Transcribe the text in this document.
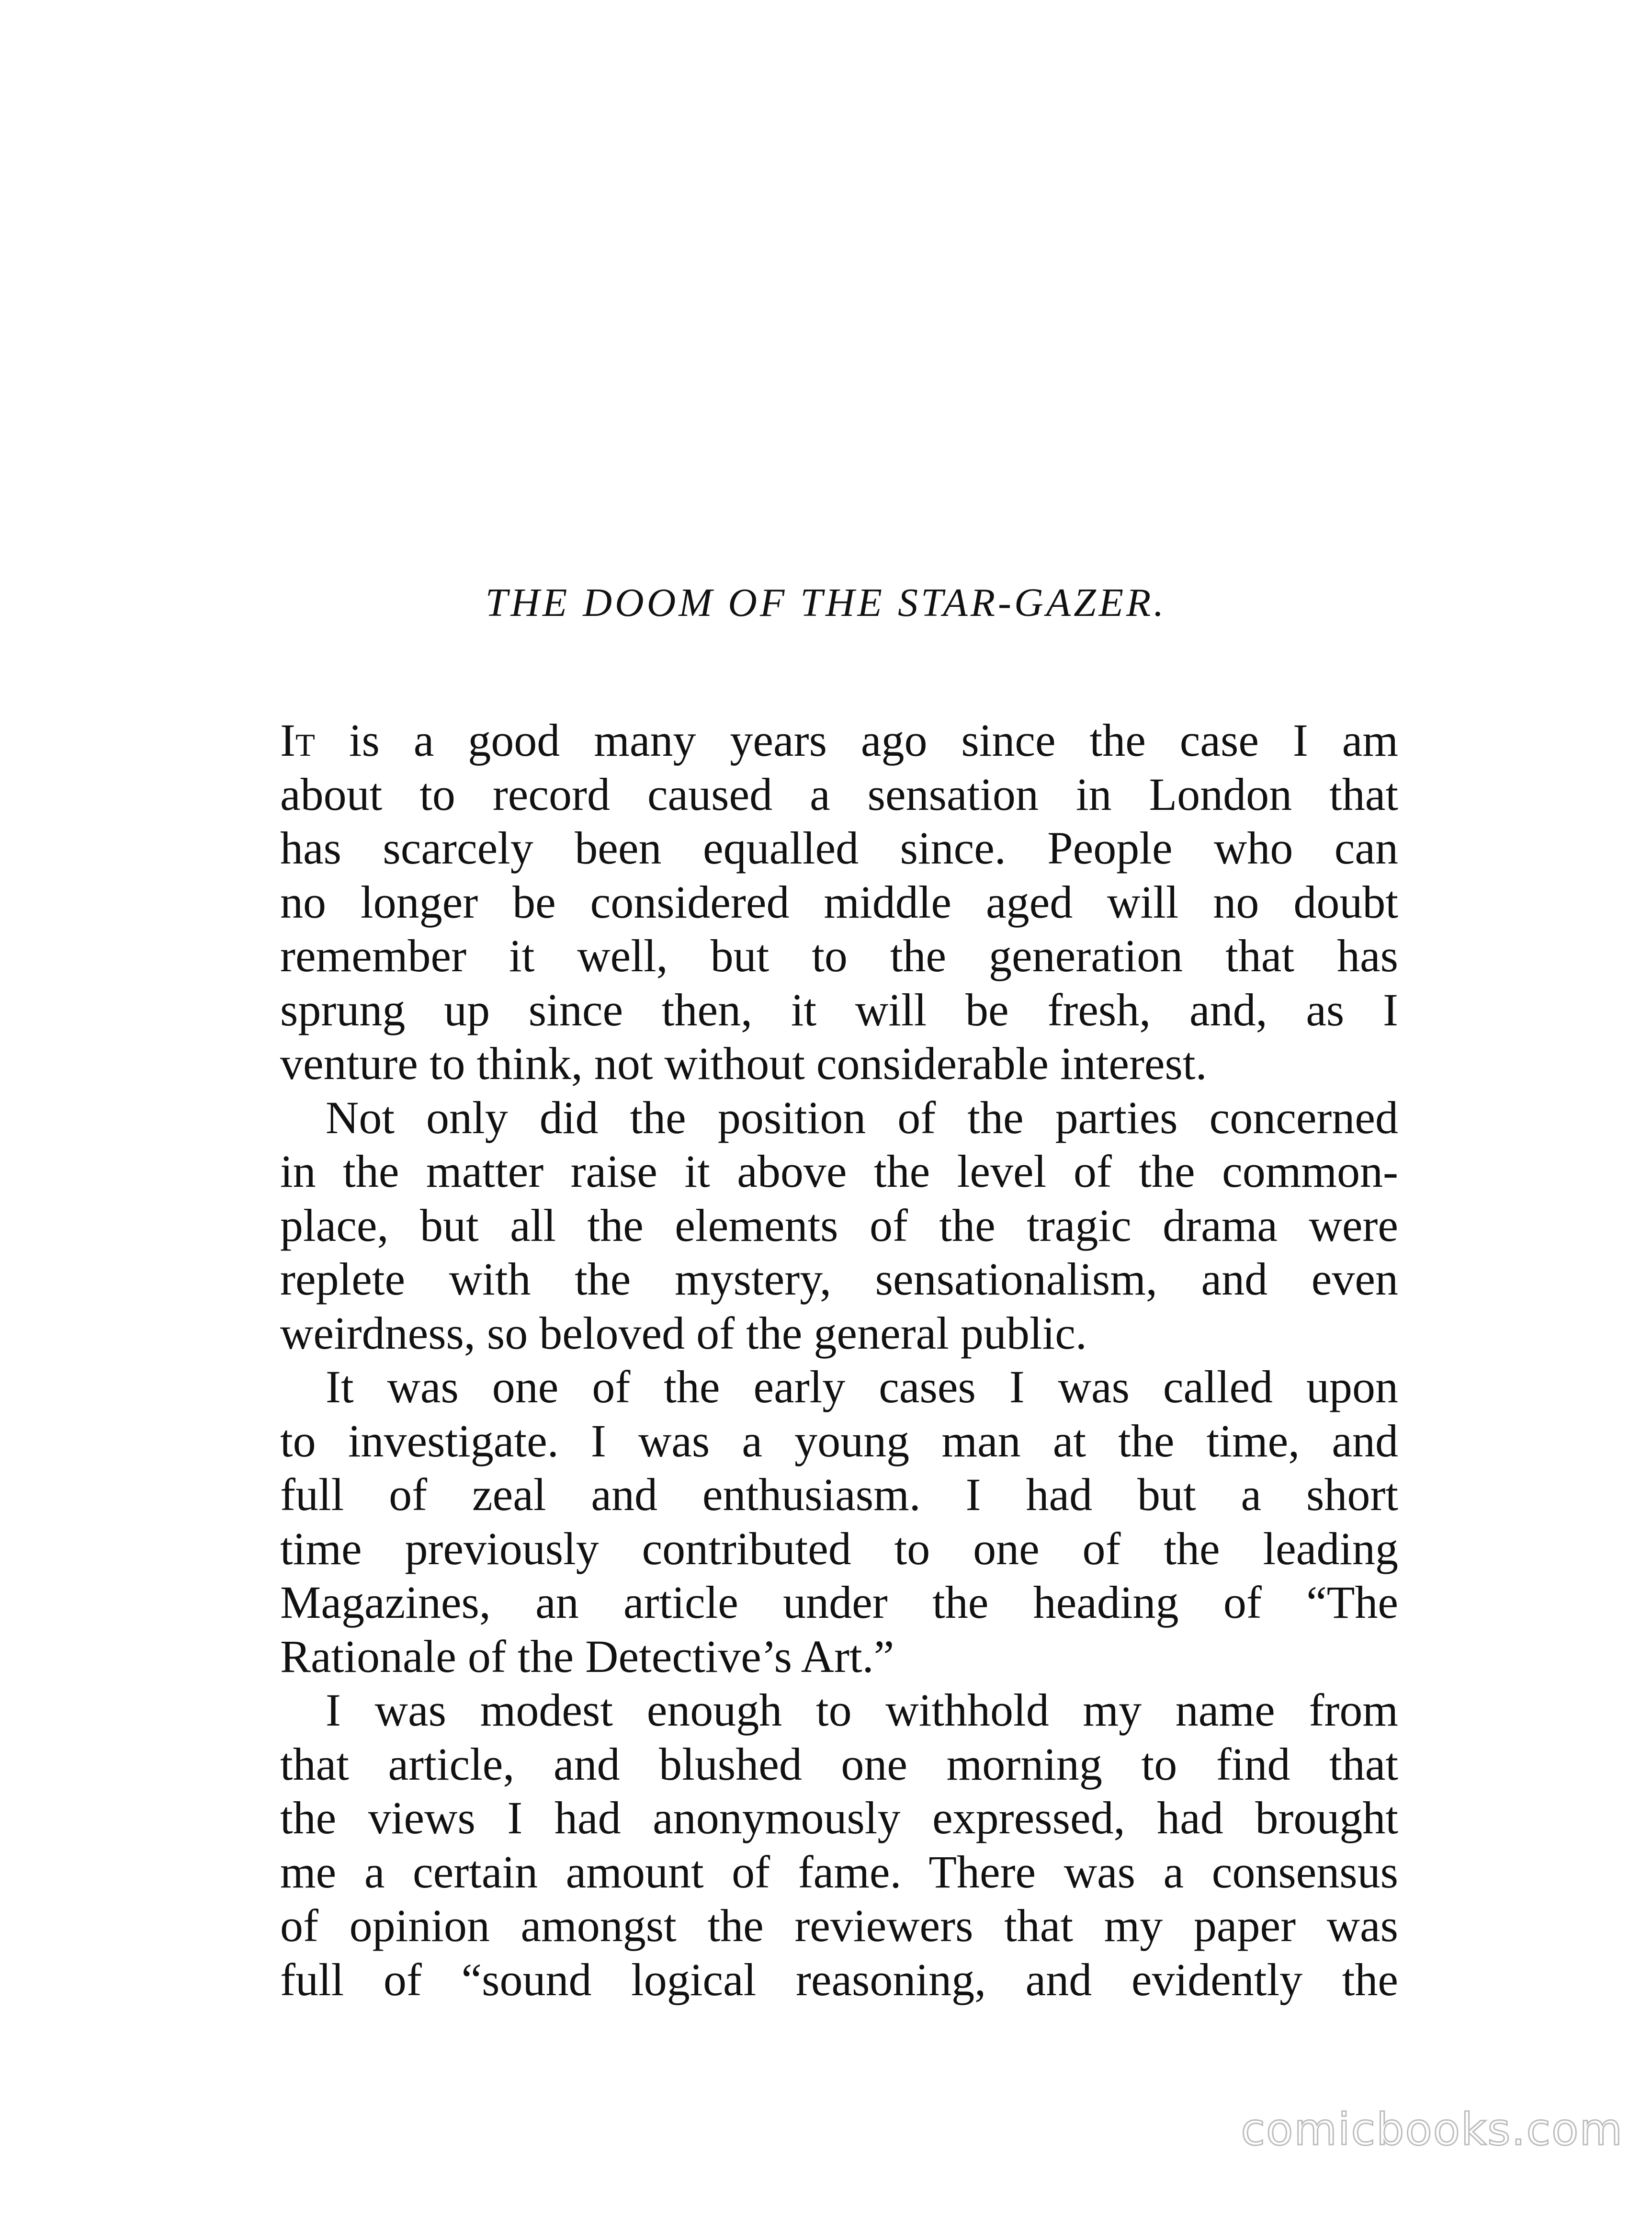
THE DOOM OF THE STAR-GAZER.
It is a good many years ago since the case I am
about to record caused a sensation in London that
has scarcely been equalled since. People who can
no longer be considered middle aged will no doubt
remember it well, but to the generation that has
sprung up since then, it will be fresh, and, as I
venture to think, not without considerable interest.
Not only did the position of the parties concerned
in the matter raise it above the level of the common-
place, but all the elements of the tragic drama were
replete with the mystery, sensationalism, and even
weirdness, so beloved of the general public.
It was one of the early cases I was called upon
to investigate. I was a young man at the time, and
full of zeal and enthusiasm. I had but a short
time previously contributed to one of the leading
Magazines, an article under the heading of “The
Rationale of the Detective’s Art.”
I was modest enough to withhold my name from
that article, and blushed one morning to find that
the views I had anonymously expressed, had brought
me a certain amount of fame. There was a consensus
of opinion amongst the reviewers that my paper was
full of “sound logical reasoning, and evidently the
comicbooks.com
